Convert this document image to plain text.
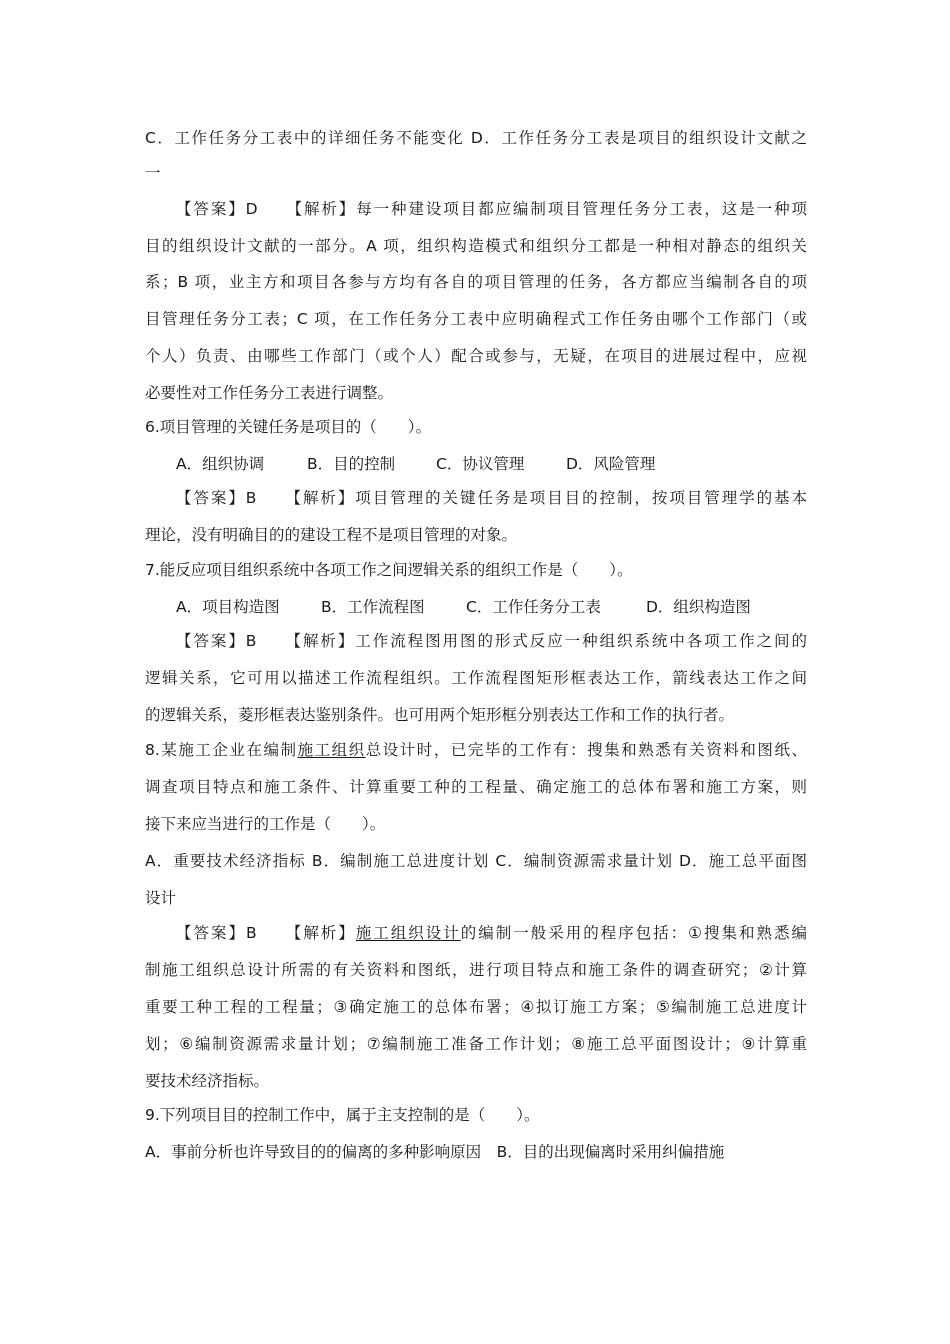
C．工作任务分工表中的详细任务不能变化 D．工作任务分工表是项目的组织设计文献之
一
【答案】D　　【解析】每一种建设项目都应编制项目管理任务分工表，这是一种项
目的组织设计文献的一部分。A 项，组织构造模式和组织分工都是一种相对静态的组织关
系；B 项，业主方和项目各参与方均有各自的项目管理的任务，各方都应当编制各自的项
目管理任务分工表；C 项，在工作任务分工表中应明确程式工作任务由哪个工作部门（或
个人）负责、由哪些工作部门（或个人）配合或参与，无疑，在项目的进展过程中，应视
必要性对工作任务分工表进行调整。
6.项目管理的关键任务是项目的（　　）。
A．组织协调	B．目的控制	C．协议管理	D．风险管理
【答案】B　　【解析】项目管理的关键任务是项目目的控制，按项目管理学的基本
理论，没有明确目的的建设工程不是项目管理的对象。
7.能反应项目组织系统中各项工作之间逻辑关系的组织工作是（　　）。
A．项目构造图	B．工作流程图	C．工作任务分工表	D．组织构造图
【答案】B　　【解析】工作流程图用图的形式反应一种组织系统中各项工作之间的
逻辑关系，它可用以描述工作流程组织。工作流程图矩形框表达工作，箭线表达工作之间
的逻辑关系，菱形框表达鉴别条件。也可用两个矩形框分别表达工作和工作的执行者。
8.某施工企业在编制施工组织总设计时，已完毕的工作有：搜集和熟悉有关资料和图纸、
调查项目特点和施工条件、计算重要工种的工程量、确定施工的总体布署和施工方案，则
接下来应当进行的工作是（　　）。
A．重要技术经济指标 B．编制施工总进度计划 C．编制资源需求量计划 D．施工总平面图
设计
【答案】B　　【解析】施工组织设计的编制一般采用的程序包括：①搜集和熟悉编
制施工组织总设计所需的有关资料和图纸，进行项目特点和施工条件的调查研究；②计算
重要工种工程的工程量；③确定施工的总体布署；④拟订施工方案；⑤编制施工总进度计
划；⑥编制资源需求量计划；⑦编制施工准备工作计划；⑧施工总平面图设计；⑨计算重
要技术经济指标。
9.下列项目目的控制工作中，属于主支控制的是（　　）。
A．事前分析也许导致目的的偏离的多种影响原因　B．目的出现偏离时采用纠偏措施
